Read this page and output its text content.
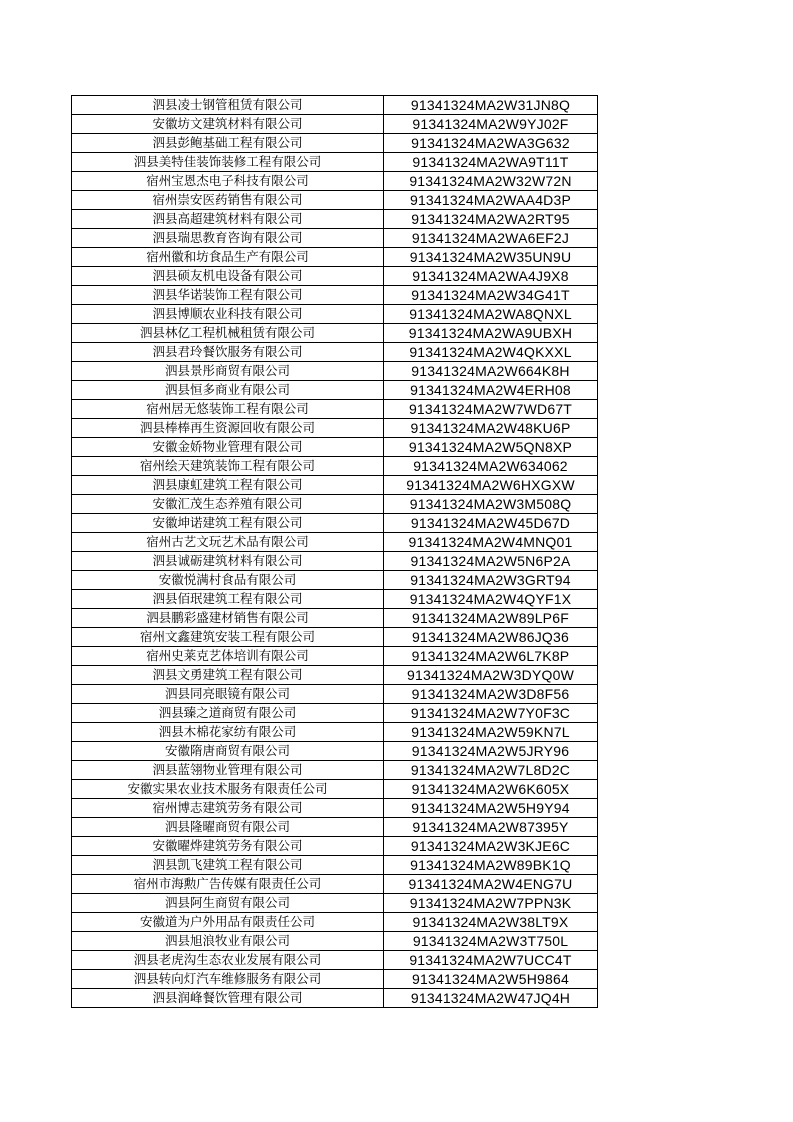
泗县凌士钢管租赁有限公司	91341324MA2W31JN8Q
安徽坊文建筑材料有限公司	91341324MA2W9YJ02F
泗县彭鲍基础工程有限公司	91341324MA2WA3G632
泗县美特佳装饰装修工程有限公司	91341324MA2WA9T11T
宿州宝恩杰电子科技有限公司	91341324MA2W32W72N
宿州崇安医药销售有限公司	91341324MA2WAA4D3P
泗县高超建筑材料有限公司	91341324MA2WA2RT95
泗县瑞思教育咨询有限公司	91341324MA2WA6EF2J
宿州徽和坊食品生产有限公司	91341324MA2W35UN9U
泗县硕友机电设备有限公司	91341324MA2WA4J9X8
泗县华诺装饰工程有限公司	91341324MA2W34G41T
泗县博顺农业科技有限公司	91341324MA2WA8QNXL
泗县林亿工程机械租赁有限公司	91341324MA2WA9UBXH
泗县君玲餐饮服务有限公司	91341324MA2W4QKXXL
泗县景彤商贸有限公司	91341324MA2W664K8H
泗县恒多商业有限公司	91341324MA2W4ERH08
宿州居无悠装饰工程有限公司	91341324MA2W7WD67T
泗县棒棒再生资源回收有限公司	91341324MA2W48KU6P
安徽金娇物业管理有限公司	91341324MA2W5QN8XP
宿州绘天建筑装饰工程有限公司	91341324MA2W634062
泗县康虹建筑工程有限公司	91341324MA2W6HXGXW
安徽汇茂生态养殖有限公司	91341324MA2W3M508Q
安徽坤诺建筑工程有限公司	91341324MA2W45D67D
宿州古艺文玩艺术品有限公司	91341324MA2W4MNQ01
泗县诚砺建筑材料有限公司	91341324MA2W5N6P2A
安徽悦满村食品有限公司	91341324MA2W3GRT94
泗县佰珉建筑工程有限公司	91341324MA2W4QYF1X
泗县鹏彩盛建材销售有限公司	91341324MA2W89LP6F
宿州文鑫建筑安装工程有限公司	91341324MA2W86JQ36
宿州史莱克艺体培训有限公司	91341324MA2W6L7K8P
泗县文勇建筑工程有限公司	91341324MA2W3DYQ0W
泗县同亮眼镜有限公司	91341324MA2W3D8F56
泗县臻之道商贸有限公司	91341324MA2W7Y0F3C
泗县木棉花家纺有限公司	91341324MA2W59KN7L
安徽隋唐商贸有限公司	91341324MA2W5JRY96
泗县蓝翎物业管理有限公司	91341324MA2W7L8D2C
安徽实果农业技术服务有限责任公司	91341324MA2W6K605X
宿州博志建筑劳务有限公司	91341324MA2W5H9Y94
泗县隆曜商贸有限公司	91341324MA2W87395Y
安徽曜烨建筑劳务有限公司	91341324MA2W3KJE6C
泗县凯飞建筑工程有限公司	91341324MA2W89BK1Q
宿州市海勲广告传媒有限责任公司	91341324MA2W4ENG7U
泗县阿生商贸有限公司	91341324MA2W7PPN3K
安徽道为户外用品有限责任公司	91341324MA2W38LT9X
泗县旭浪牧业有限公司	91341324MA2W3T750L
泗县老虎沟生态农业发展有限公司	91341324MA2W7UCC4T
泗县转向灯汽车维修服务有限公司	91341324MA2W5H9864
泗县润峰餐饮管理有限公司	91341324MA2W47JQ4H
